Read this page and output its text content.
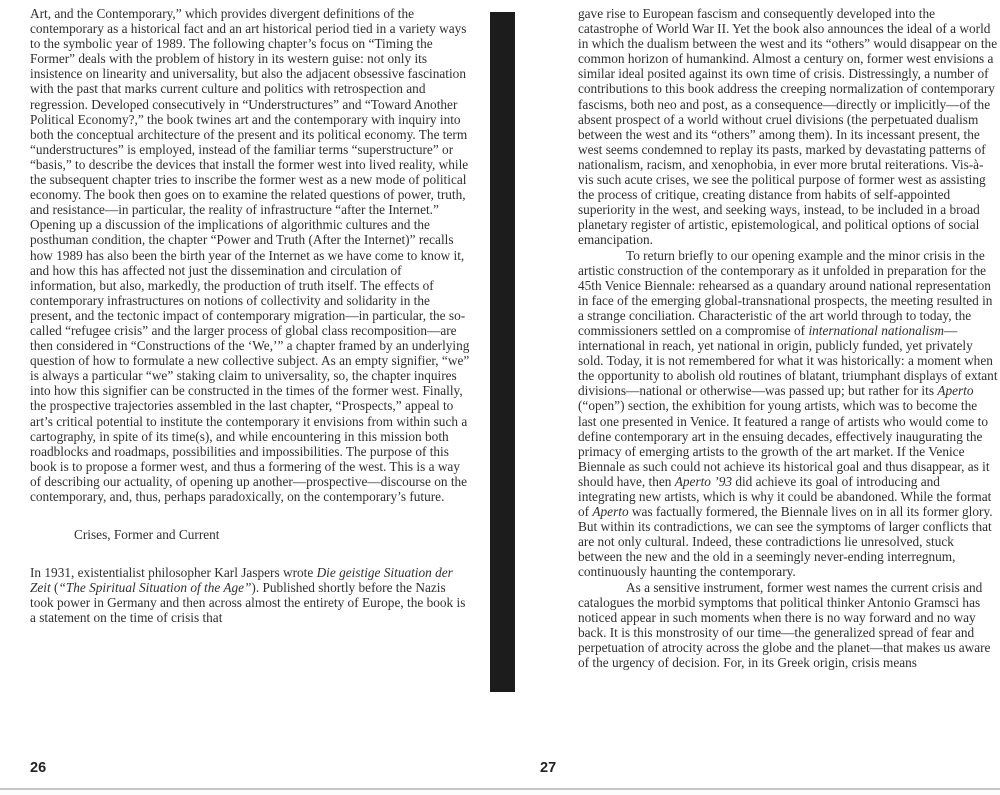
Art, and the Contemporary,” which provides divergent definitions of the contemporary as a historical fact and an art historical period tied in a variety ways to the symbolic year of 1989. The following chapter’s focus on “Timing the Former” deals with the problem of history in its western guise: not only its insistence on linearity and universality, but also the adjacent obsessive fascination with the past that marks current culture and politics with retrospection and regression. Developed consecutively in “Understructures” and “Toward Another Political Economy?,” the book twines art and the contemporary with inquiry into both the conceptual architecture of the present and its political economy. The term “understructures” is employed, instead of the familiar terms “superstructure” or “basis,” to describe the devices that install the former west into lived reality, while the subsequent chapter tries to inscribe the former west as a new mode of political economy. The book then goes on to examine the related questions of power, truth, and resistance—in particular, the reality of infrastructure “after the Internet.” Opening up a discussion of the implications of algorithmic cultures and the posthuman condition, the chapter “Power and Truth (After the Internet)” recalls how 1989 has also been the birth year of the Internet as we have come to know it, and how this has affected not just the dissemination and circulation of information, but also, markedly, the production of truth itself. The effects of contemporary infrastructures on notions of collectivity and solidarity in the present, and the tectonic impact of contemporary migration—in particular, the so-called “refugee crisis” and the larger process of global class recomposition—are then considered in “Constructions of the ‘We,’” a chapter framed by an underlying question of how to formulate a new collective subject. As an empty signifier, “we” is always a particular “we” staking claim to universality, so, the chapter inquires into how this signifier can be constructed in the times of the former west. Finally, the prospective trajectories assembled in the last chapter, “Prospects,” appeal to art’s critical potential to institute the contemporary it envisions from within such a cartography, in spite of its time(s), and while encountering in this mission both roadblocks and roadmaps, possibilities and impossibilities. The purpose of this book is to propose a former west, and thus a formering of the west. This is a way of describing our actuality, of opening up another—prospective—discourse on the contemporary, and, thus, perhaps paradoxically, on the contemporary’s future.

Crises, Former and Current

In 1931, existentialist philosopher Karl Jaspers wrote Die geistige Situation der Zeit (“The Spiritual Situation of the Age”). Published shortly before the Nazis took power in Germany and then across almost the entirety of Europe, the book is a statement on the time of crisis that

gave rise to European fascism and consequently developed into the catastrophe of World War II. Yet the book also announces the ideal of a world in which the dualism between the west and its “others” would disappear on the common horizon of humankind. Almost a century on, former west envisions a similar ideal posited against its own time of crisis. Distressingly, a number of contributions to this book address the creeping normalization of contemporary fascisms, both neo and post, as a consequence—directly or implicitly—of the absent prospect of a world without cruel divisions (the perpetuated dualism between the west and its “others” among them). In its incessant present, the west seems condemned to replay its pasts, marked by devastating patterns of nationalism, racism, and xenophobia, in ever more brutal reiterations. Vis-à-vis such acute crises, we see the political purpose of former west as assisting the process of critique, creating distance from habits of self-appointed superiority in the west, and seeking ways, instead, to be included in a broad planetary register of artistic, epistemological, and political options of social emancipation.

To return briefly to our opening example and the minor crisis in the artistic construction of the contemporary as it unfolded in preparation for the 45th Venice Biennale: rehearsed as a quandary around national representation in face of the emerging global-transnational prospects, the meeting resulted in a strange conciliation. Characteristic of the art world through to today, the commissioners settled on a compromise of international nationalism—international in reach, yet national in origin, publicly funded, yet privately sold. Today, it is not remembered for what it was historically: a moment when the opportunity to abolish old routines of blatant, triumphant displays of extant divisions—national or otherwise—was passed up; but rather for its Aperto (“open”) section, the exhibition for young artists, which was to become the last one presented in Venice. It featured a range of artists who would come to define contemporary art in the ensuing decades, effectively inaugurating the primacy of emerging artists to the growth of the art market. If the Venice Biennale as such could not achieve its historical goal and thus disappear, as it should have, then Aperto ’93 did achieve its goal of introducing and integrating new artists, which is why it could be abandoned. While the format of Aperto was factually formered, the Biennale lives on in all its former glory. But within its contradictions, we can see the symptoms of larger conflicts that are not only cultural. Indeed, these contradictions lie unresolved, stuck between the new and the old in a seemingly never-ending interregnum, continuously haunting the contemporary.

As a sensitive instrument, former west names the current crisis and catalogues the morbid symptoms that political thinker Antonio Gramsci has noticed appear in such moments when there is no way forward and no way back. It is this monstrosity of our time—the generalized spread of fear and perpetuation of atrocity across the globe and the planet—that makes us aware of the urgency of decision. For, in its Greek origin, crisis means

26	27
